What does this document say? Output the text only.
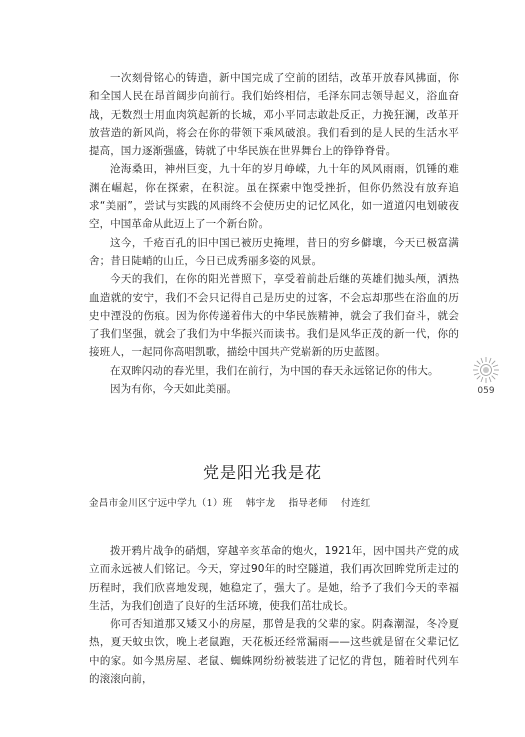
一次刻骨铭心的铸造，新中国完成了空前的团结，改革开放春风拂面，你和全国人民在昂首阔步向前行。我们始终相信，毛泽东同志领导起义，浴血奋战，无数烈士用血肉筑起新的长城，邓小平同志敢赴反正，力挽狂澜，改革开放营造的新风尚，将会在你的带领下乘风破浪。我们看到的是人民的生活水平提高，国力逐渐强盛，铸就了中华民族在世界舞台上的铮铮脊骨。

沧海桑田，神州巨变，九十年的岁月峥嵘，九十年的风风雨雨，饥锤的难渊在崛起，你在探索，在积淀。虽在探索中饱受挫折，但你仍然没有放弃追求“美丽”，尝试与实践的风雨终不会使历史的记忆风化，如一道道闪电划破夜空，中国革命从此迈上了一个新台阶。

这今，千疮百孔的旧中国已被历史掩埋，昔日的穷乡僻壤，今天已极富满舍；昔日陡峭的山丘，今日已成秀丽多姿的风景。

今天的我们，在你的阳光普照下，享受着前赴后继的英雄们抛头颅，洒热血造就的安宁，我们不会只记得自己是历史的过客，不会忘却那些在浴血的历史中湮没的伤痕。因为你传递着伟大的中华民族精神，就会了我们奋斗，就会了我们坚强，就会了我们为中华振兴而读书。我们是风华正茂的新一代，你的接班人，一起同你高唱凯歌，描绘中国共产党崭新的历史蓝图。

在双眸闪动的春光里，我们在前行，为中国的春天永远铭记你的伟大。

因为有你，今天如此美丽。	059
党是阳光我是花
金昌市金川区宁远中学九（1）班 韩宇龙 指导老师 付连红

拨开鸦片战争的硝烟，穿越辛亥革命的炮火，1921年，因中国共产党的成立而永远被人们铭记。今天，穿过90年的时空隧道，我们再次回眸党所走过的历程时，我们欣喜地发现，她稳定了，强大了。是她，给予了我们今天的幸福生活，为我们创造了良好的生活环境，使我们茁壮成长。

你可否知道那又矮又小的房屋，那曾是我的父辈的家。阴森潮湿，冬冷夏热，夏天蚊虫饮，晚上老鼠跑，天花板还经常漏雨——这些就是留在父辈记忆中的家。如今黑房屋、老鼠、蜘蛛网纷纷被装进了记忆的背包，随着时代列车的滚滚向前，
